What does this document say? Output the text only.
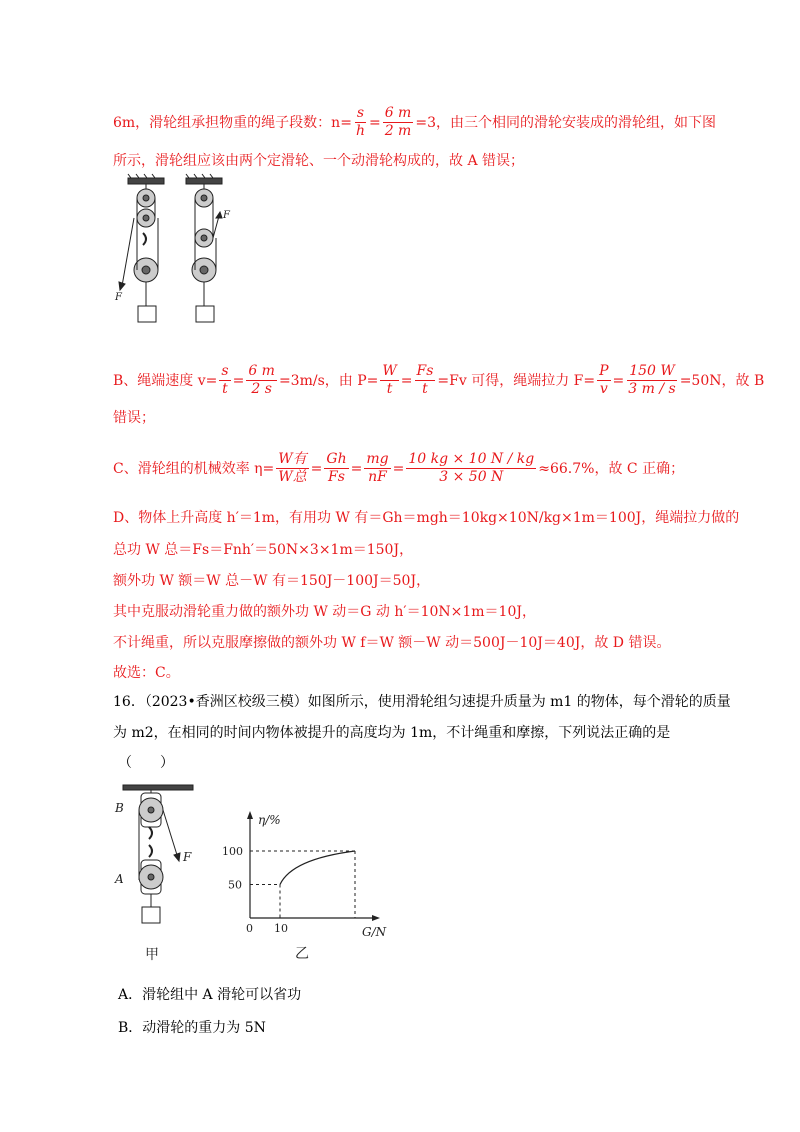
6m，滑轮组承担物重的绳子段数：$n= \frac{s}{h} = \frac{6 m}{2 m} =3$，由三个相同的滑轮安装成的滑轮组，如下图
所示，滑轮组应该由两个定滑轮、一个动滑轮构成的，故 A 错误；
F
F
B、绳端速度 $v= \frac{s}{t} = \frac{6 m}{2 s} =3m/s$，由 $P= \frac{W}{t} = \frac{Fs}{t} =Fv$ 可得，绳端拉力 $F= \frac{P}{v} = \frac{150 W}{3 m / s} =50N$，故 B
错误；
C、滑轮组的机械效率 $\eta= \frac{\text{W有}}{\text{W总}} = \frac{Gh}{Fs} = \frac{mg}{nF} = \frac{10 kg \times 10 N / kg}{3 \times 50 N} \approx 66.7\%$，故 C 正确；
D、物体上升高度 h′＝1m，有用功 W 有＝Gh＝mgh＝10kg×10N/kg×1m＝100J，绳端拉力做的
总功 W 总＝Fs＝Fnh′＝50N×3×1m＝150J，
额外功 W 额＝W 总－W 有＝150J－100J＝50J，
其中克服动滑轮重力做的额外功 W 动＝G 动 h′＝10N×1m＝10J，
不计绳重，所以克服摩擦做的额外功 W f＝W 额－W 动＝500J－10J＝40J，故 D 错误。
故选：C。
16．（2023•香洲区校级三模）如图所示，使用滑轮组匀速提升质量为 m1 的物体，每个滑轮的质量
为 m2，在相同的时间内物体被提升的高度均为 1m，不计绳重和摩擦，下列说法正确的是
（　　）
B
A
F
甲
η/%
G/N
0 10
50
100
乙
A．滑轮组中 A 滑轮可以省功
B．动滑轮的重力为 5N
